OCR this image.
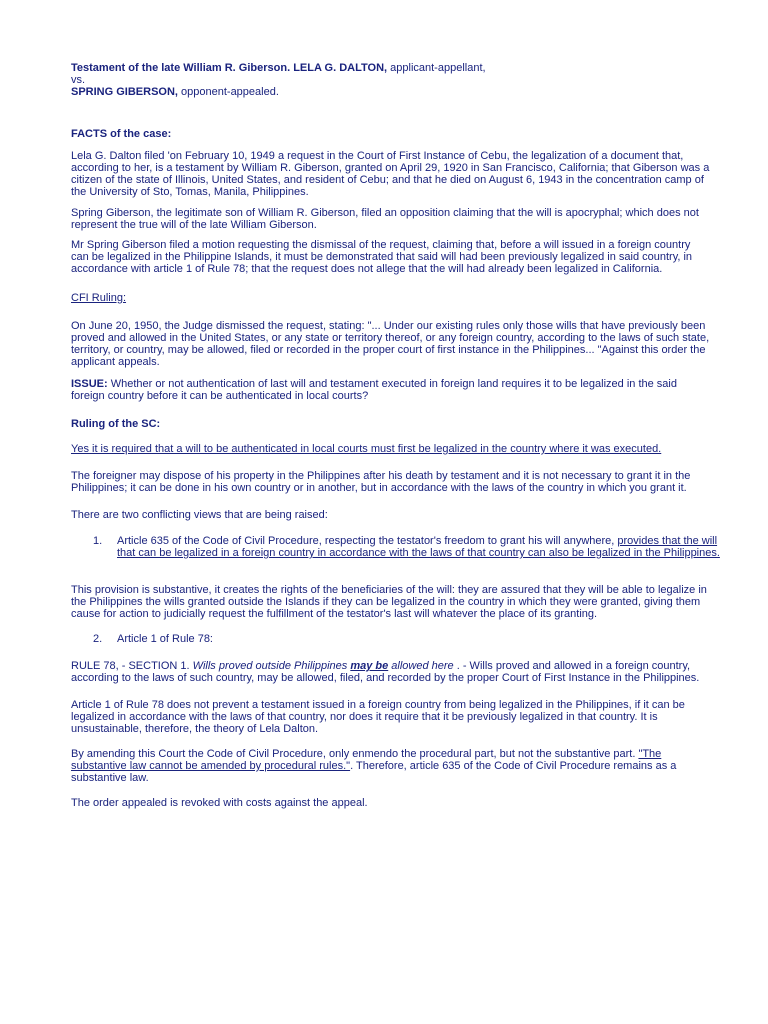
Testament of the late William R. Giberson. LELA G. DALTON, applicant-appellant,

vs.

SPRING GIBERSON, opponent-appealed.

FACTS of the case:

Lela G. Dalton filed 'on February 10, 1949 a request in the Court of First Instance of Cebu, the legalization of a document that, according to her, is a testament by William R. Giberson, granted on April 29, 1920 in San Francisco, California; that Giberson was a citizen of the state of Illinois, United States, and resident of Cebu; and that he died on August 6, 1943 in the concentration camp of the University of Sto, Tomas, Manila, Philippines.

Spring Giberson, the legitimate son of William R. Giberson, filed an opposition claiming that the will is apocryphal; which does not represent the true will of the late William Giberson.

Mr Spring Giberson filed a motion requesting the dismissal of the request, claiming that, before a will issued in a foreign country can be legalized in the Philippine Islands, it must be demonstrated that said will had been previously legalized in said country, in accordance with article 1 of Rule 78; that the request does not allege that the will had already been legalized in California.

CFI Ruling:

On June 20, 1950, the Judge dismissed the request, stating: "... Under our existing rules only those wills that have previously been proved and allowed in the United States, or any state or territory thereof, or any foreign country, according to the laws of such state, territory, or country, may be allowed, filed or recorded in the proper court of first instance in the Philippines... "Against this order the applicant appeals.

ISSUE: Whether or not authentication of last will and testament executed in foreign land requires it to be legalized in the said foreign country before it can be authenticated in local courts?

Ruling of the SC:

Yes it is required that a will to be authenticated in local courts must first be legalized in the country where it was executed.

The foreigner may dispose of his property in the Philippines after his death by testament and it is not necessary to grant it in the Philippines; it can be done in his own country or in another, but in accordance with the laws of the country in which you grant it.

There are two conflicting views that are being raised:

1. Article 635 of the Code of Civil Procedure, respecting the testator's freedom to grant his will anywhere, provides that the will that can be legalized in a foreign country in accordance with the laws of that country can also be legalized in the Philippines.

This provision is substantive, it creates the rights of the beneficiaries of the will: they are assured that they will be able to legalize in the Philippines the wills granted outside the Islands if they can be legalized in the country in which they were granted, giving them cause for action to judicially request the fulfillment of the testator's last will whatever the place of its granting.

2. Article 1 of Rule 78:

RULE 78, - SECTION 1. Wills proved outside Philippines may be allowed here . - Wills proved and allowed in a foreign country, according to the laws of such country, may be allowed, filed, and recorded by the proper Court of First Instance in the Philippines.

Article 1 of Rule 78 does not prevent a testament issued in a foreign country from being legalized in the Philippines, if it can be legalized in accordance with the laws of that country, nor does it require that it be previously legalized in that country. It is unsustainable, therefore, the theory of Lela Dalton.

By amending this Court the Code of Civil Procedure, only enmendo the procedural part, but not the substantive part. "The substantive law cannot be amended by procedural rules.". Therefore, article 635 of the Code of Civil Procedure remains as a substantive law.

The order appealed is revoked with costs against the appeal.
